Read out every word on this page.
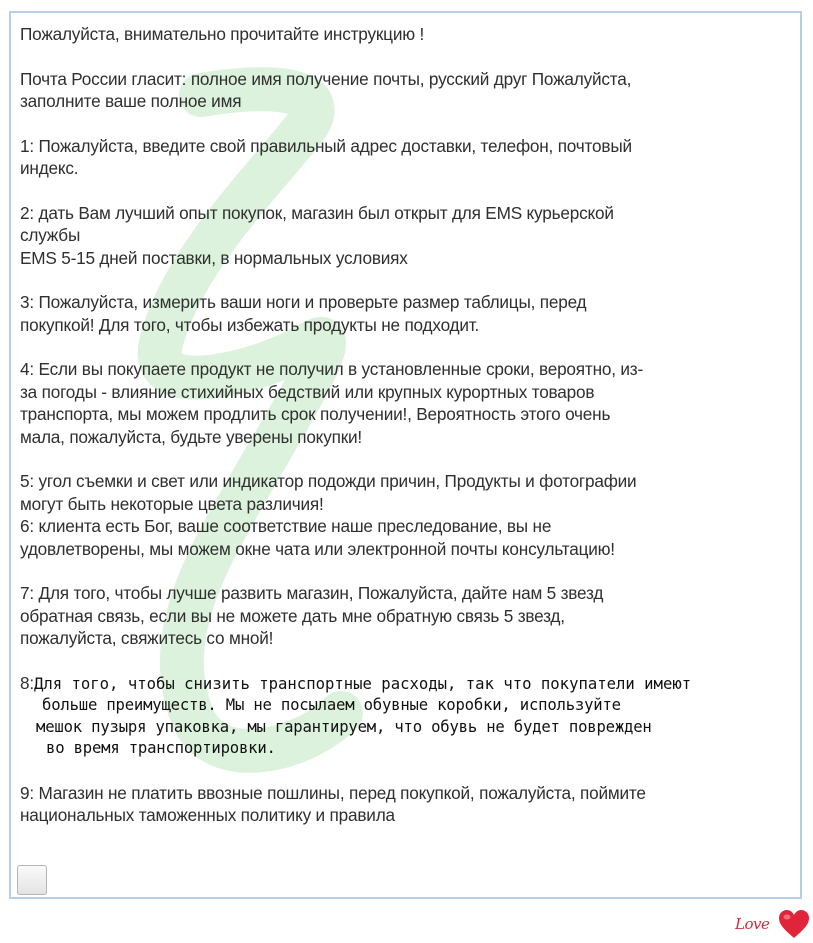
Пожалуйста, внимательно прочитайте инструкцию !
Почта России гласит: полное имя получение почты, русский друг Пожалуйста,
заполните ваше полное имя
1: Пожалуйста, введите свой правильный адрес доставки, телефон, почтовый
индекс.
2: дать Вам лучший опыт покупок, магазин был открыт для EMS курьерской
службы
EMS 5-15 дней поставки, в нормальных условиях
3: Пожалуйста, измерить ваши ноги и проверьте размер таблицы, перед
покупкой! Для того, чтобы избежать продукты не подходит.
4: Если вы покупаете продукт не получил в установленные сроки, вероятно, из-
за погоды - влияние стихийных бедствий или крупных курортных товаров
транспорта, мы можем продлить срок получении!, Вероятность этого очень
мала, пожалуйста, будьте уверены покупки!
5: угол съемки и свет или индикатор подожди причин, Продукты и фотографии
могут быть некоторые цвета различия!
6: клиента есть Бог, ваше соответствие наше преследование, вы не
удовлетворены, мы можем окне чата или электронной почты консультацию!
7: Для того, чтобы лучше развить магазин, Пожалуйста, дайте нам 5 звезд
обратная связь, если вы не можете дать мне обратную связь 5 звезд,
пожалуйста, свяжитесь со мной!
8:Для того, чтобы снизить транспортные расходы, так что покупатели имеют
больше преимуществ. Мы не посылаем обувные коробки, используйте
мешок пузыря упаковка, мы гарантируем, что обувь не будет поврежден
во время транспортировки.
9: Магазин не платить ввозные пошлины, перед покупкой, пожалуйста, поймите
национальных таможенных политику и правила
Love
